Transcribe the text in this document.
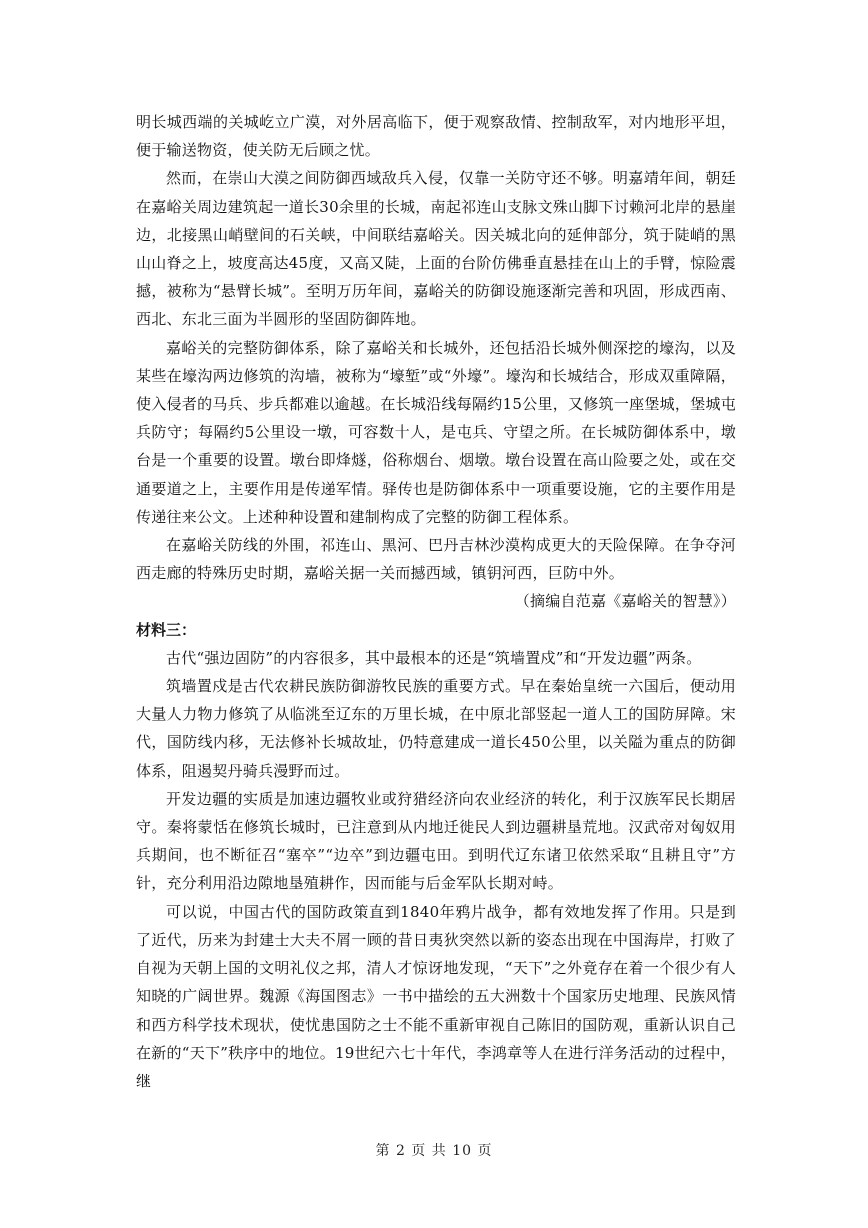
明长城西端的关城屹立广漠，对外居高临下，便于观察敌情、控制敌军，对内地形平坦，便于输送物资，使关防无后顾之忧。

然而，在崇山大漠之间防御西域敌兵入侵，仅靠一关防守还不够。明嘉靖年间，朝廷在嘉峪关周边建筑起一道长30余里的长城，南起祁连山支脉文殊山脚下讨赖河北岸的悬崖边，北接黑山峭壁间的石关峡，中间联结嘉峪关。因关城北向的延伸部分，筑于陡峭的黑山山脊之上，坡度高达45度，又高又陡，上面的台阶仿佛垂直悬挂在山上的手臂，惊险震撼，被称为“悬臂长城”。至明万历年间，嘉峪关的防御设施逐渐完善和巩固，形成西南、西北、东北三面为半圆形的坚固防御阵地。

嘉峪关的完整防御体系，除了嘉峪关和长城外，还包括沿长城外侧深挖的壕沟，以及某些在壕沟两边修筑的沟墙，被称为“壕堑”或“外壕”。壕沟和长城结合，形成双重障隔，使入侵者的马兵、步兵都难以逾越。在长城沿线每隔约15公里，又修筑一座堡城，堡城屯兵防守；每隔约5公里设一墩，可容数十人，是屯兵、守望之所。在长城防御体系中，墩台是一个重要的设置。墩台即烽燧，俗称烟台、烟墩。墩台设置在高山险要之处，或在交通要道之上，主要作用是传递军情。驿传也是防御体系中一项重要设施，它的主要作用是传递往来公文。上述种种设置和建制构成了完整的防御工程体系。

在嘉峪关防线的外围，祁连山、黑河、巴丹吉林沙漠构成更大的天险保障。在争夺河西走廊的特殊历史时期，嘉峪关据一关而撼西域，镇钥河西，巨防中外。

（摘编自范嘉《嘉峪关的智慧》）

材料三：

古代“强边固防”的内容很多，其中最根本的还是“筑墙置戍”和“开发边疆”两条。

筑墙置戍是古代农耕民族防御游牧民族的重要方式。早在秦始皇统一六国后，便动用大量人力物力修筑了从临洮至辽东的万里长城，在中原北部竖起一道人工的国防屏障。宋代，国防线内移，无法修补长城故址，仍特意建成一道长450公里，以关隘为重点的防御体系，阻遏契丹骑兵漫野而过。

开发边疆的实质是加速边疆牧业或狩猎经济向农业经济的转化，利于汉族军民长期居守。秦将蒙恬在修筑长城时，已注意到从内地迁徙民人到边疆耕垦荒地。汉武帝对匈奴用兵期间，也不断征召“塞卒”“边卒”到边疆屯田。到明代辽东诸卫依然采取“且耕且守”方针，充分利用沿边隙地垦殖耕作，因而能与后金军队长期对峙。

可以说，中国古代的国防政策直到1840年鸦片战争，都有效地发挥了作用。只是到了近代，历来为封建士大夫不屑一顾的昔日夷狄突然以新的姿态出现在中国海岸，打败了自视为天朝上国的文明礼仪之邦，清人才惊讶地发现，“天下”之外竟存在着一个很少有人知晓的广阔世界。魏源《海国图志》一书中描绘的五大洲数十个国家历史地理、民族风情和西方科学技术现状，使忧患国防之士不能不重新审视自己陈旧的国防观，重新认识自己在新的“天下”秩序中的地位。19世纪六七十年代，李鸿章等人在进行洋务活动的过程中，继

第 2 页 共 10 页
